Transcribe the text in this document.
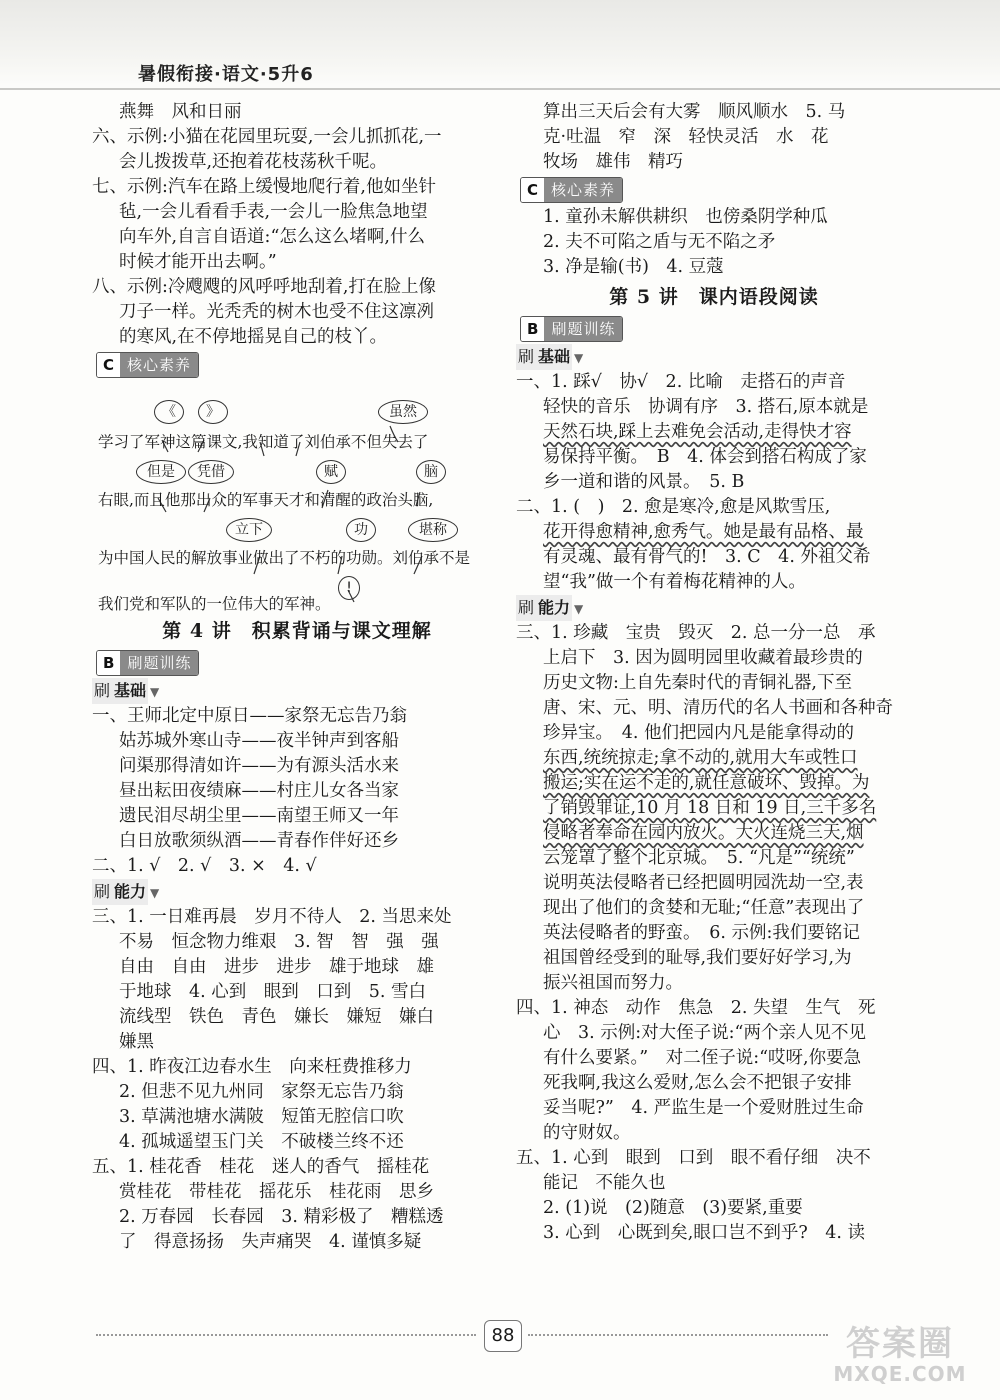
暑假衔接·语文·5升6
燕舞　风和日丽
六、示例:小猫在花园里玩耍,一会儿抓抓花,一
会儿拨拨草,还抱着花枝荡秋千呢。
七、示例:汽车在路上缓慢地爬行着,他如坐针
毡,一会儿看看手表,一会儿一脸焦急地望
向车外,自言自语道:“怎么这么堵啊,什么
时候才能开出去啊。”
八、示例:冷飕飕的风呼呼地刮着,打在脸上像
刀子一样。光秃秃的树木也受不住这凛冽
的寒风,在不停地摇晃自己的枝丫。
C 核心素养
《	》	虽然
学习了军神这篇课文,我知道了刘伯承不但失去了
但是	凭借	赋	脑
右眼,而且他那出众的军事天才和清醒的政治头脑,
立下	功	堪称
为中国人民的解放事业做出了不朽的功勋。刘伯承不是
!
我们党和军队的一位伟大的军神。
第 4 讲　积累背诵与课文理解
B 刷题训练
刷 基础 ▼
一、王师北定中原日——家祭无忘告乃翁
姑苏城外寒山寺——夜半钟声到客船
问渠那得清如许——为有源头活水来
昼出耘田夜绩麻——村庄儿女各当家
遗民泪尽胡尘里——南望王师又一年
白日放歌须纵酒——青春作伴好还乡
二、1. √　2. √　3. ×　4. √
刷 能力 ▼
三、1. 一日难再晨　岁月不待人　2. 当思来处
不易　恒念物力维艰　3. 智　智　强　强
自由　自由　进步　进步　雄于地球　雄
于地球　4. 心到　眼到　口到　5. 雪白
流线型　铁色　青色　嫌长　嫌短　嫌白
嫌黑
四、1. 昨夜江边春水生　向来枉费推移力
2. 但悲不见九州同　家祭无忘告乃翁
3. 草满池塘水满陂　短笛无腔信口吹
4. 孤城遥望玉门关　不破楼兰终不还
五、1. 桂花香　桂花　迷人的香气　摇桂花
赏桂花　带桂花　摇花乐　桂花雨　思乡
2. 万春园　长春园　3. 精彩极了　糟糕透
了　得意扬扬　失声痛哭　4. 谨慎多疑
算出三天后会有大雾　顺风顺水　5. 马
克·吐温　窄　深　轻快灵活　水　花
牧场　雄伟　精巧
C 核心素养
1. 童孙未解供耕织　也傍桑阴学种瓜
2. 夫不可陷之盾与无不陷之矛
3. 净是输(书)　4. 豆蔻
第 5 讲　课内语段阅读
B 刷题训练
刷 基础 ▼
一、1. 踩√　协√　2. 比喻　走搭石的声音
轻快的音乐　协调有序　3. 搭石,原本就是
天然石块,踩上去难免会活动,走得快才容
易保持平衡。　B　4. 体会到搭石构成了家
乡一道和谐的风景。　5. B
二、1. (　)　2. 愈是寒冷,愈是风欺雪压,
花开得愈精神,愈秀气。她是最有品格、最
有灵魂、最有骨气的!　3. C　4. 外祖父希
望“我”做一个有着梅花精神的人。
刷 能力 ▼
三、1. 珍藏　宝贵　毁灭　2. 总一分一总　承
上启下　3. 因为圆明园里收藏着最珍贵的
历史文物:上自先秦时代的青铜礼器,下至
唐、宋、元、明、清历代的名人书画和各种奇
珍异宝。　4. 他们把园内凡是能拿得动的
东西,统统掠走;拿不动的,就用大车或牲口
搬运;实在运不走的,就任意破坏、毁掉。为
了销毁罪证,10 月 18 日和 19 日,三千多名
侵略者奉命在园内放火。大火连烧三天,烟
云笼罩了整个北京城。　5. “凡是”“统统”
说明英法侵略者已经把圆明园洗劫一空,表
现出了他们的贪婪和无耻;“任意”表现出了
英法侵略者的野蛮。　6. 示例:我们要铭记
祖国曾经受到的耻辱,我们要好好学习,为
振兴祖国而努力。
四、1. 神态　动作　焦急　2. 失望　生气　死
心　3. 示例:对大侄子说:“两个亲人见不见
有什么要紧。”　对二侄子说:“哎呀,你要急
死我啊,我这么爱财,怎么会不把银子安排
妥当呢?”　4. 严监生是一个爱财胜过生命
的守财奴。
五、1. 心到　眼到　口到　眼不看仔细　决不
能记　不能久也
2. (1)说　(2)随意　(3)要紧,重要
3. 心到　心既到矣,眼口岂不到乎?　4. 读
88	答案圈
MXQE.COM
